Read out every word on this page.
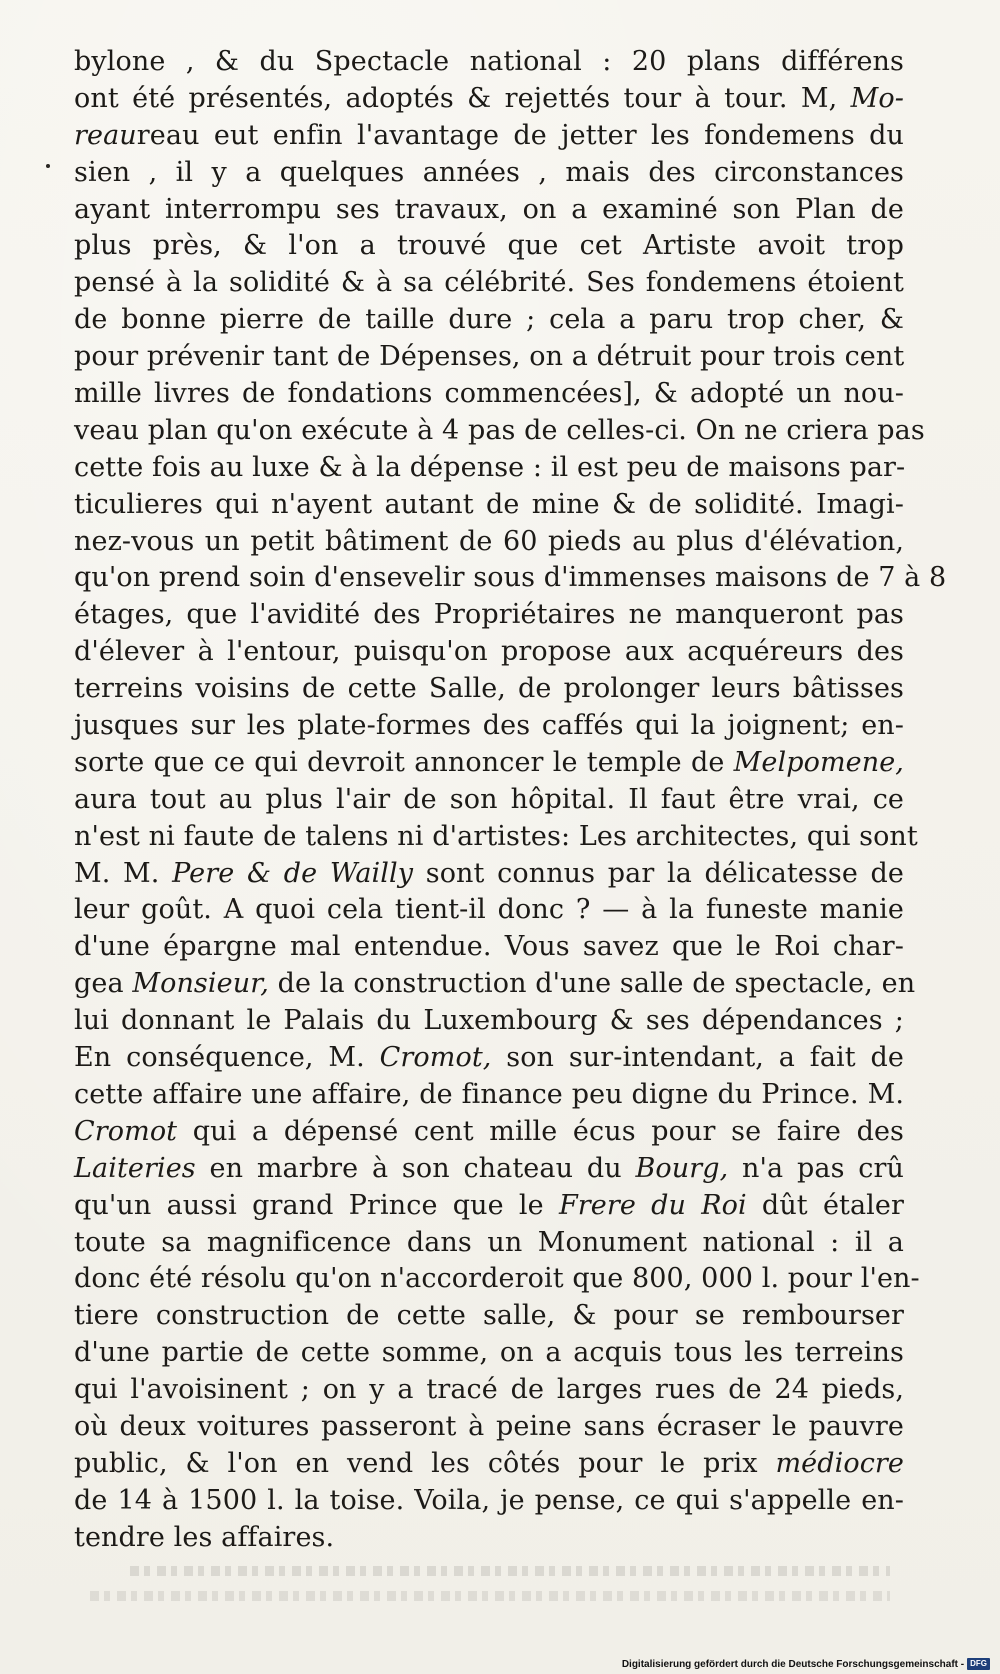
bylone , & du Spectacle national : 20 plans différens
ont été présentés, adoptés & rejettés tour à tour. M, Mo-
reaureau eut enfin l'avantage de jetter les fondemens du
sien , il y a quelques années , mais des circonstances
ayant interrompu ses travaux, on a examiné son Plan de
plus près, & l'on a trouvé que cet Artiste avoit trop
pensé à la solidité & à sa célébrité. Ses fondemens étoient
de bonne pierre de taille dure ; cela a paru trop cher, &
pour prévenir tant de Dépenses, on a détruit pour trois cent
mille livres de fondations commencées], & adopté un nou-
veau plan qu'on exécute à 4 pas de celles-ci. On ne criera pas
cette fois au luxe & à la dépense : il est peu de maisons par-
ticulieres qui n'ayent autant de mine & de solidité. Imagi-
nez-vous un petit bâtiment de 60 pieds au plus d'élévation,
qu'on prend soin d'ensevelir sous d'immenses maisons de 7 à 8
étages, que l'avidité des Propriétaires ne manqueront pas
d'élever à l'entour, puisqu'on propose aux acquéreurs des
terreins voisins de cette Salle, de prolonger leurs bâtisses
jusques sur les plate-formes des caffés qui la joignent; en-
sorte que ce qui devroit annoncer le temple de Melpomene,
aura tout au plus l'air de son hôpital. Il faut être vrai, ce
n'est ni faute de talens ni d'artistes: Les architectes, qui sont
M. M. Pere & de Wailly sont connus par la délicatesse de
leur goût. A quoi cela tient-il donc ? — à la funeste manie
d'une épargne mal entendue. Vous savez que le Roi char-
gea Monsieur, de la construction d'une salle de spectacle, en
lui donnant le Palais du Luxembourg & ses dépendances ;
En conséquence, M. Cromot, son sur-intendant, a fait de
cette affaire une affaire, de finance peu digne du Prince. M.
Cromot qui a dépensé cent mille écus pour se faire des
Laiteries en marbre à son chateau du Bourg, n'a pas crû
qu'un aussi grand Prince que le Frere du Roi dût étaler
toute sa magnificence dans un Monument national : il a
donc été résolu qu'on n'accorderoit que 800, 000 l. pour l'en-
tiere construction de cette salle, & pour se rembourser
d'une partie de cette somme, on a acquis tous les terreins
qui l'avoisinent ; on y a tracé de larges rues de 24 pieds,
où deux voitures passeront à peine sans écraser le pauvre
public, & l'on en vend les côtés pour le prix médiocre
de 14 à 1500 l. la toise. Voila, je pense, ce qui s'appelle en-
tendre les affaires.
Digitalisierung gefördert durch die Deutsche Forschungsgemeinschaft - DFG
